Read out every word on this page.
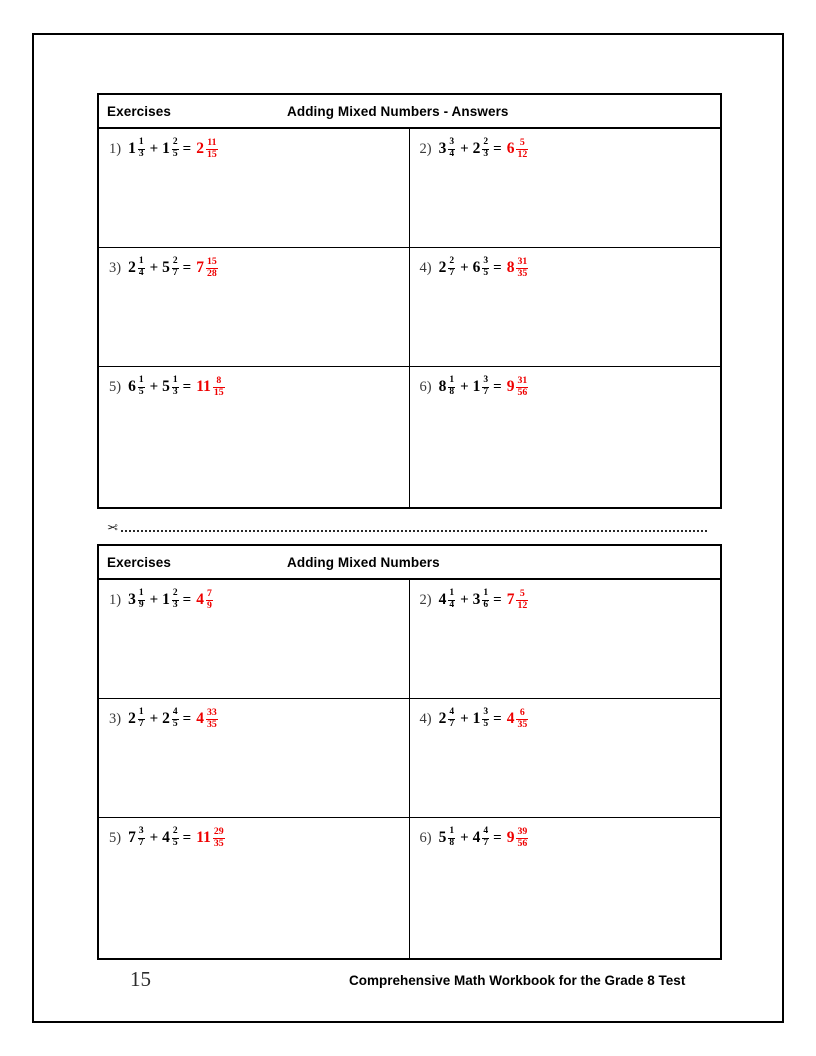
Exercises	Adding Mixed Numbers - Answers
1) $1 \frac{1}{3} + 1 \frac{2}{5} = 2 \frac{11}{15}$	2) $3 \frac{3}{4} + 2 \frac{2}{3} = 6 \frac{5}{12}$
3) $2 \frac{1}{4} + 5 \frac{2}{7} = 7 \frac{15}{28}$	4) $2 \frac{2}{7} + 6 \frac{3}{5} = 8 \frac{31}{35}$
5) $6 \frac{1}{5} + 5 \frac{1}{3} = 11 \frac{8}{15}$	6) $8 \frac{1}{8} + 1 \frac{3}{7} = 9 \frac{31}{56}$
✂
Exercises	Adding Mixed Numbers
1) $3 \frac{1}{9} + 1 \frac{2}{3} = 4 \frac{7}{9}$	2) $4 \frac{1}{4} + 3 \frac{1}{6} = 7 \frac{5}{12}$
3) $2 \frac{1}{7} + 2 \frac{4}{5} = 4 \frac{33}{35}$	4) $2 \frac{4}{7} + 1 \frac{3}{5} = 4 \frac{6}{35}$
5) $7 \frac{3}{7} + 4 \frac{2}{5} = 11 \frac{29}{35}$	6) $5 \frac{1}{8} + 4 \frac{4}{7} = 9 \frac{39}{56}$
15	Comprehensive Math Workbook for the Grade 8 Test
